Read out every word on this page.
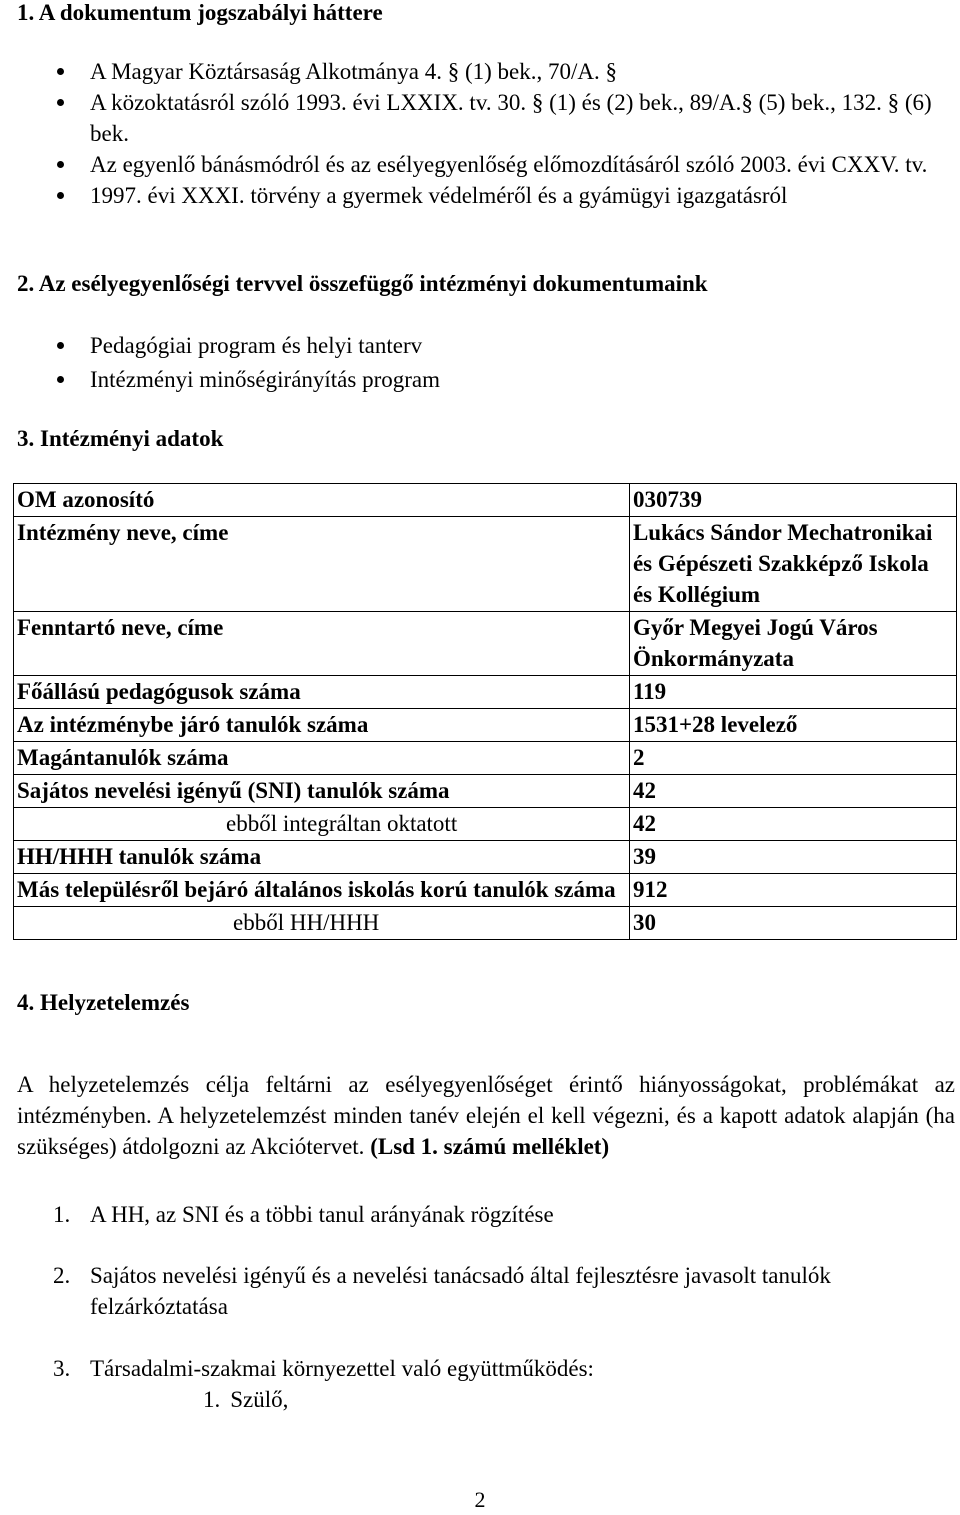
1. A dokumentum jogszabályi háttere

A Magyar Köztársaság Alkotmánya 4. § (1) bek., 70/A. §
A közoktatásról szóló 1993. évi LXXIX. tv. 30. § (1) és (2) bek., 89/A.§ (5) bek., 132. § (6) bek.
Az egyenlő bánásmódról és az esélyegyenlőség előmozdításáról szóló 2003. évi CXXV. tv.
1997. évi XXXI. törvény a gyermek védelméről és a gyámügyi igazgatásról

2. Az esélyegyenlőségi tervvel összefüggő intézményi dokumentumaink

Pedagógiai program és helyi tanterv
Intézményi minőségirányítás program

3. Intézményi adatok

OM azonosító	030739
Intézmény neve, címe	Lukács Sándor Mechatronikai és Gépészeti Szakképző Iskola és Kollégium
Fenntartó neve, címe	Győr Megyei Jogú Város Önkormányzata
Főállású pedagógusok száma	119
Az intézménybe járó tanulók száma	1531+28 levelező
Magántanulók száma	2
Sajátos nevelési igényű (SNI) tanulók száma	42
ebből integráltan oktatott	42
HH/HHH tanulók száma	39
Más településről bejáró általános iskolás korú tanulók száma	912
ebből HH/HHH	30

4. Helyzetelemzés

A helyzetelemzés célja feltárni az esélyegyenlőséget érintő hiányosságokat, problémákat az intézményben. A helyzetelemzést minden tanév elején el kell végezni, és a kapott adatok alapján (ha szükséges) átdolgozni az Akciótervet. (Lsd 1. számú melléklet)

1. A HH, az SNI és a többi tanul arányának rögzítése
2. Sajátos nevelési igényű és a nevelési tanácsadó által fejlesztésre javasolt tanulók felzárkóztatása
3. Társadalmi-szakmai környezettel való együttműködés:
1. Szülő,
2
